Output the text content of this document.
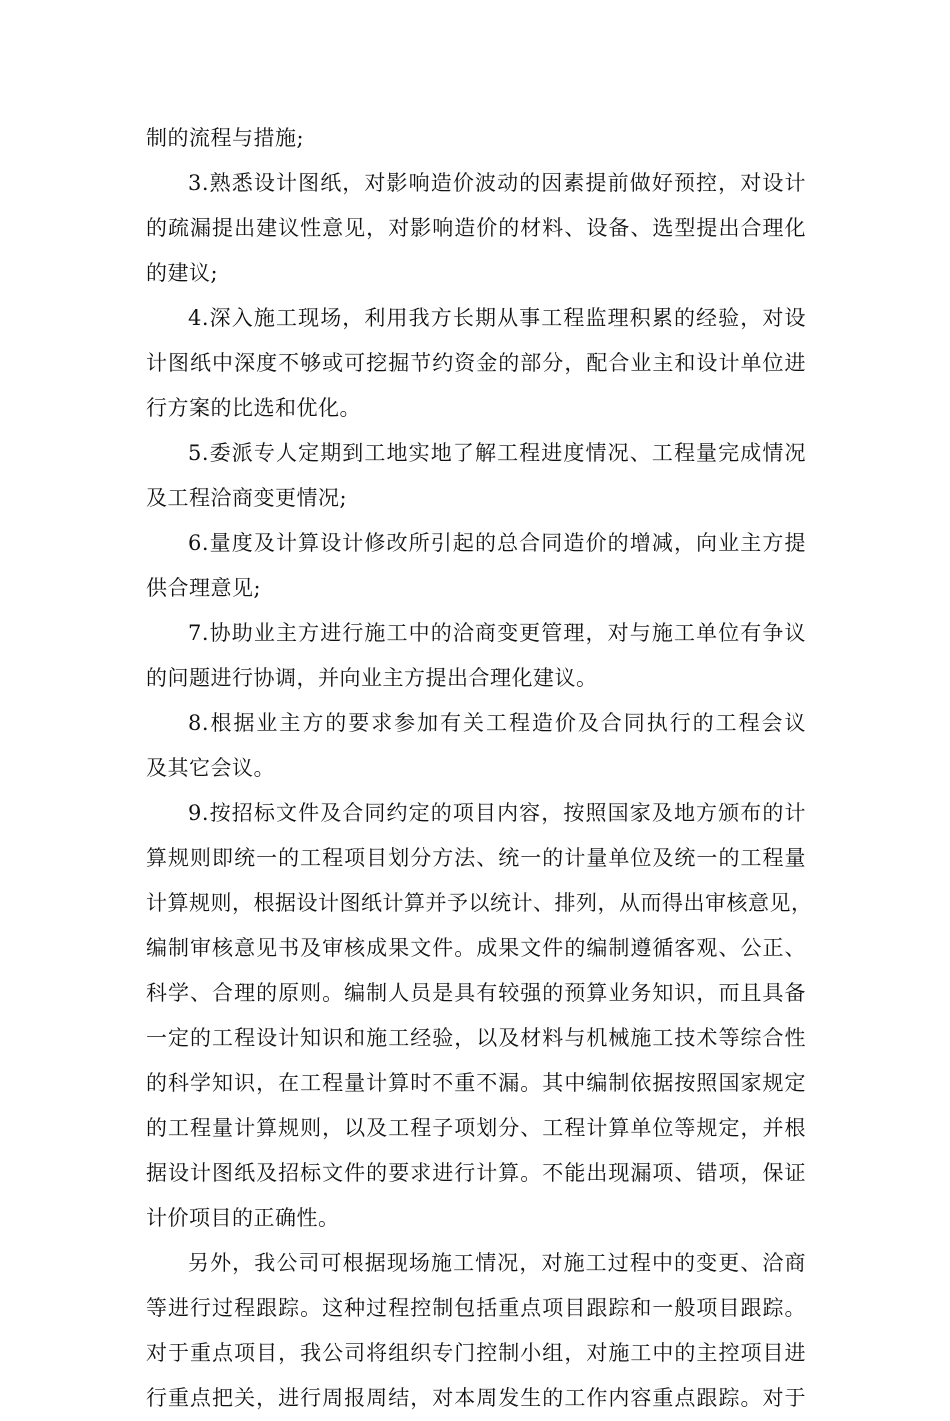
制的流程与措施;
3.熟悉设计图纸，对影响造价波动的因素提前做好预控，对设计
的疏漏提出建议性意见，对影响造价的材料、设备、选型提出合理化
的建议;
4.深入施工现场，利用我方长期从事工程监理积累的经验，对设
计图纸中深度不够或可挖掘节约资金的部分，配合业主和设计单位进
行方案的比选和优化。
5.委派专人定期到工地实地了解工程进度情况、工程量完成情况
及工程洽商变更情况;
6.量度及计算设计修改所引起的总合同造价的增减，向业主方提
供合理意见;
7.协助业主方进行施工中的洽商变更管理，对与施工单位有争议
的问题进行协调，并向业主方提出合理化建议。
8.根据业主方的要求参加有关工程造价及合同执行的工程会议
及其它会议。
9.按招标文件及合同约定的项目内容，按照国家及地方颁布的计
算规则即统一的工程项目划分方法、统一的计量单位及统一的工程量
计算规则，根据设计图纸计算并予以统计、排列，从而得出审核意见，
编制审核意见书及审核成果文件。成果文件的编制遵循客观、公正、
科学、合理的原则。编制人员是具有较强的预算业务知识，而且具备
一定的工程设计知识和施工经验，以及材料与机械施工技术等综合性
的科学知识，在工程量计算时不重不漏。其中编制依据按照国家规定
的工程量计算规则，以及工程子项划分、工程计算单位等规定，并根
据设计图纸及招标文件的要求进行计算。不能出现漏项、错项，保证
计价项目的正确性。
另外，我公司可根据现场施工情况，对施工过程中的变更、洽商
等进行过程跟踪。这种过程控制包括重点项目跟踪和一般项目跟踪。
对于重点项目，我公司将组织专门控制小组，对施工中的主控项目进
行重点把关，进行周报周结，对本周发生的工作内容重点跟踪。对于
